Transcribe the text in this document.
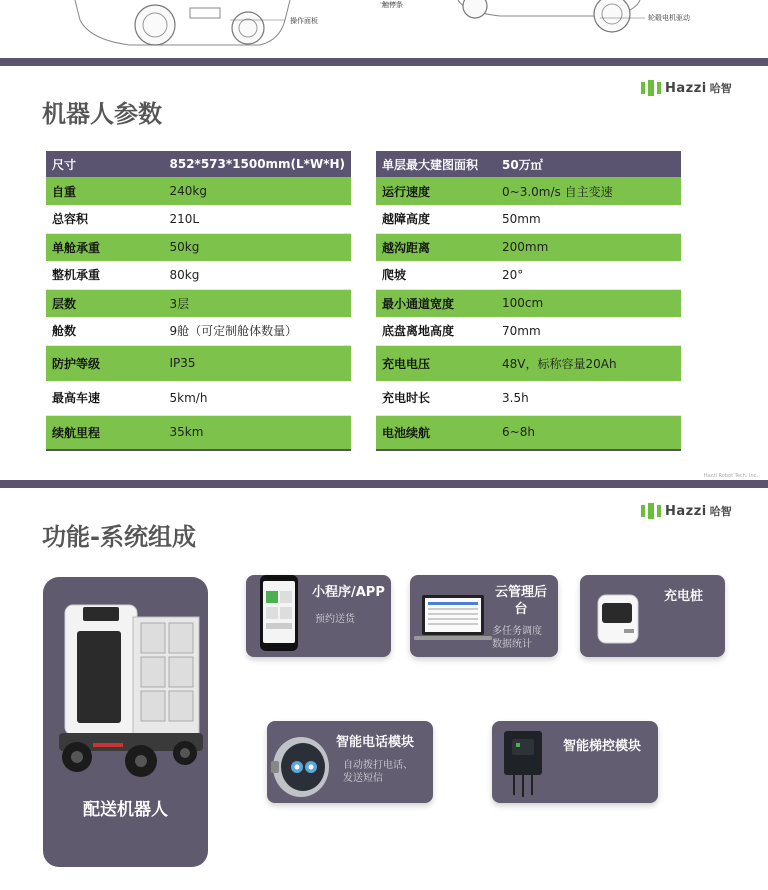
操作面板
触停条
轮毂电机驱动
Hazzi 哈智
机器人参数
尺寸	852*573*1500mm(L*W*H)
自重	240kg
总容积	210L
单舱承重	50kg
整机承重	80kg
层数	3层
舱数	9舱（可定制舱体数量）
防护等级	IP35
最高车速	5km/h
续航里程	35km
单层最大建图面积	50万㎡
运行速度	0~3.0m/s 自主变速
越障高度	50mm
越沟距离	200mm
爬坡	20°
最小通道宽度	100cm
底盘离地高度	70mm
充电电压	48V，标称容量20Ah
充电时长	3.5h
电池续航	6~8h
Hazzi Robot Tech. Inc.
Hazzi 哈智
功能-系统组成
配送机器人
小程序/APP
预约送货
云管理后
台
多任务调度
数据统计
充电桩
智能电话模块
自动拨打电话、
发送短信
智能梯控模块
